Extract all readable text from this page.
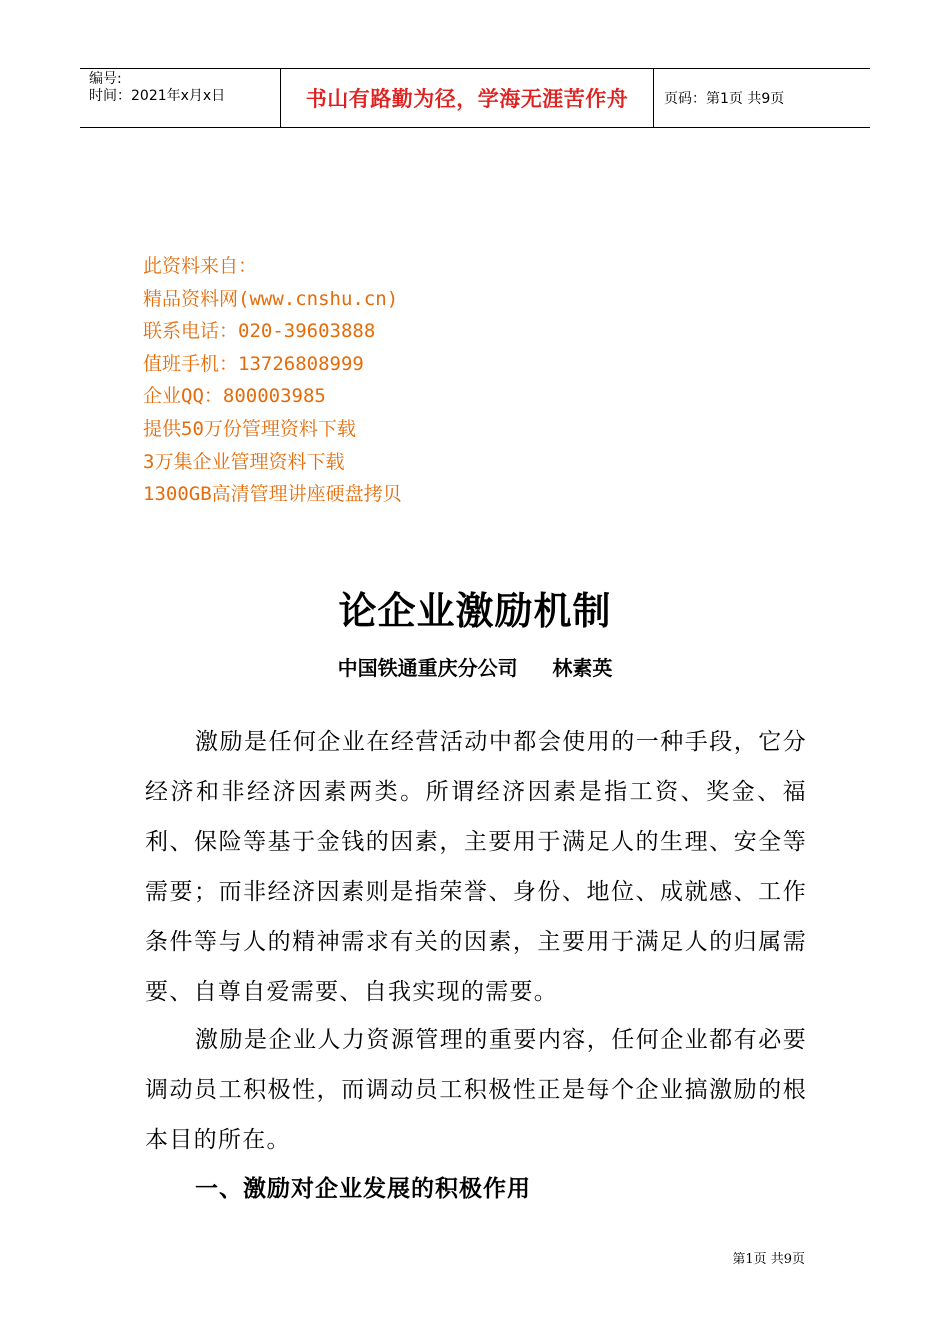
编号:
时间：2021年x月x日	书山有路勤为径，学海无涯苦作舟	页码：第1页 共9页
此资料来自：
精品资料网(www.cnshu.cn)
联系电话：020-39603888
值班手机：13726808999
企业QQ：800003985
提供50万份管理资料下载
3万集企业管理资料下载
1300GB高清管理讲座硬盘拷贝
论企业激励机制
中国铁通重庆分公司     林素英

激励是任何企业在经营活动中都会使用的一种手段，它分经济和非经济因素两类。所谓经济因素是指工资、奖金、福利、保险等基于金钱的因素，主要用于满足人的生理、安全等需要；而非经济因素则是指荣誉、身份、地位、成就感、工作条件等与人的精神需求有关的因素，主要用于满足人的归属需要、自尊自爱需要、自我实现的需要。

激励是企业人力资源管理的重要内容，任何企业都有必要调动员工积极性，而调动员工积极性正是每个企业搞激励的根本目的所在。

一、激励对企业发展的积极作用
第1页 共9页
